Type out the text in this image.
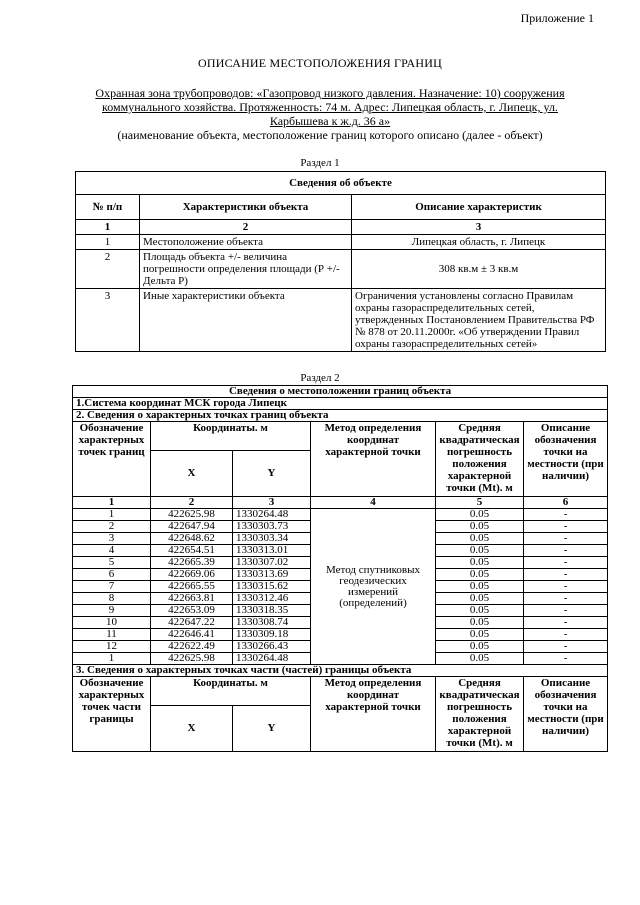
Приложение 1
ОПИСАНИЕ МЕСТОПОЛОЖЕНИЯ ГРАНИЦ
Охранная зона трубопроводов: «Газопровод низкого давления. Назначение: 10) сооружения коммунального хозяйства. Протяженность: 74 м. Адрес: Липецкая область, г. Липецк, ул. Карбышева к ж.д. 36 а»
(наименование объекта, местоположение границ которого описано (далее - объект)
Раздел 1
Сведения об объекте		
№ п/п	Характеристики объекта	Описание характеристик
1	2	3
1	Местоположение объекта	Липецкая область, г. Липецк
2	Площадь объекта +/- величина погрешности определения площади (Р +/- Дельта Р)	308 кв.м ± 3 кв.м
3	Иные характеристики объекта	Ограничения установлены согласно Правилам охраны газораспределительных сетей, утвержденных Постановлением Правительства РФ № 878 от 20.11.2000г. «Об утверждении Правил охраны газораспределительных сетей»
Раздел 2
Сведения о местоположении границ объекта					
1.Система координат МСК города Липецк					
2. Сведения о характерных точках границ объекта					
Обозначение характерных точек границ	Координаты. м		Метод определения координат характерной точки	Средняя квадратическая погрешность положения характерной точки (Mt). м	Описание обозначения точки на местности (при наличии)
	X	Y			
1	2	3	4	5	6
1	422625.98	1330264.48	Метод спутниковых геодезических измерений (определений)	0.05	-
2	422647.94	1330303.73		0.05	-
3	422648.62	1330303.34		0.05	-
4	422654.51	1330313.01		0.05	-
5	422665.39	1330307.02		0.05	-
6	422669.06	1330313.69		0.05	-
7	422665.55	1330315.62		0.05	-
8	422663.81	1330312.46		0.05	-
9	422653.09	1330318.35		0.05	-
10	422647.22	1330308.74		0.05	-
11	422646.41	1330309.18		0.05	-
12	422622.49	1330266.43		0.05	-
1	422625.98	1330264.48		0.05	-
3. Сведения о характерных точках части (частей) границы объекта					
Обозначение характерных точек части границы	Координаты. м		Метод определения координат характерной точки	Средняя квадратическая погрешность положения характерной точки (Mt). м	Описание обозначения точки на местности (при наличии)
	X	Y			
